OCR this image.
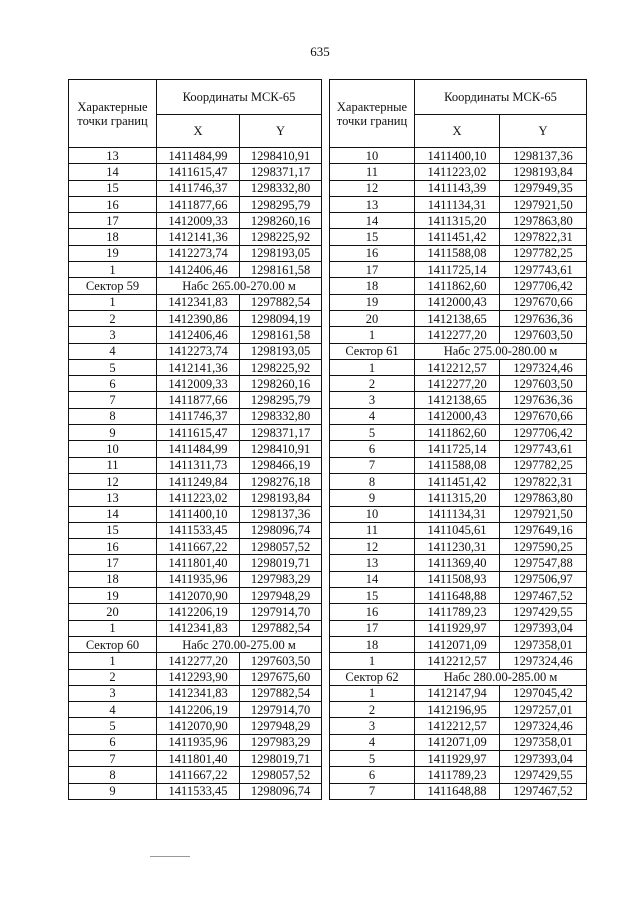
635
Характерные точки границ	Координаты МСК-65	
	X	Y
13	1411484,99	1298410,91
14	1411615,47	1298371,17
15	1411746,37	1298332,80
16	1411877,66	1298295,79
17	1412009,33	1298260,16
18	1412141,36	1298225,92
19	1412273,74	1298193,05
1	1412406,46	1298161,58
Сектор 59	Набс 265.00-270.00 м	
1	1412341,83	1297882,54
2	1412390,86	1298094,19
3	1412406,46	1298161,58
4	1412273,74	1298193,05
5	1412141,36	1298225,92
6	1412009,33	1298260,16
7	1411877,66	1298295,79
8	1411746,37	1298332,80
9	1411615,47	1298371,17
10	1411484,99	1298410,91
11	1411311,73	1298466,19
12	1411249,84	1298276,18
13	1411223,02	1298193,84
14	1411400,10	1298137,36
15	1411533,45	1298096,74
16	1411667,22	1298057,52
17	1411801,40	1298019,71
18	1411935,96	1297983,29
19	1412070,90	1297948,29
20	1412206,19	1297914,70
1	1412341,83	1297882,54
Сектор 60	Набс 270.00-275.00 м	
1	1412277,20	1297603,50
2	1412293,90	1297675,60
3	1412341,83	1297882,54
4	1412206,19	1297914,70
5	1412070,90	1297948,29
6	1411935,96	1297983,29
7	1411801,40	1298019,71
8	1411667,22	1298057,52
9	1411533,45	1298096,74
Характерные точки границ	Координаты МСК-65	
	X	Y
10	1411400,10	1298137,36
11	1411223,02	1298193,84
12	1411143,39	1297949,35
13	1411134,31	1297921,50
14	1411315,20	1297863,80
15	1411451,42	1297822,31
16	1411588,08	1297782,25
17	1411725,14	1297743,61
18	1411862,60	1297706,42
19	1412000,43	1297670,66
20	1412138,65	1297636,36
1	1412277,20	1297603,50
Сектор 61	Набс 275.00-280.00 м	
1	1412212,57	1297324,46
2	1412277,20	1297603,50
3	1412138,65	1297636,36
4	1412000,43	1297670,66
5	1411862,60	1297706,42
6	1411725,14	1297743,61
7	1411588,08	1297782,25
8	1411451,42	1297822,31
9	1411315,20	1297863,80
10	1411134,31	1297921,50
11	1411045,61	1297649,16
12	1411230,31	1297590,25
13	1411369,40	1297547,88
14	1411508,93	1297506,97
15	1411648,88	1297467,52
16	1411789,23	1297429,55
17	1411929,97	1297393,04
18	1412071,09	1297358,01
1	1412212,57	1297324,46
Сектор 62	Набс 280.00-285.00 м	
1	1412147,94	1297045,42
2	1412196,95	1297257,01
3	1412212,57	1297324,46
4	1412071,09	1297358,01
5	1411929,97	1297393,04
6	1411789,23	1297429,55
7	1411648,88	1297467,52
